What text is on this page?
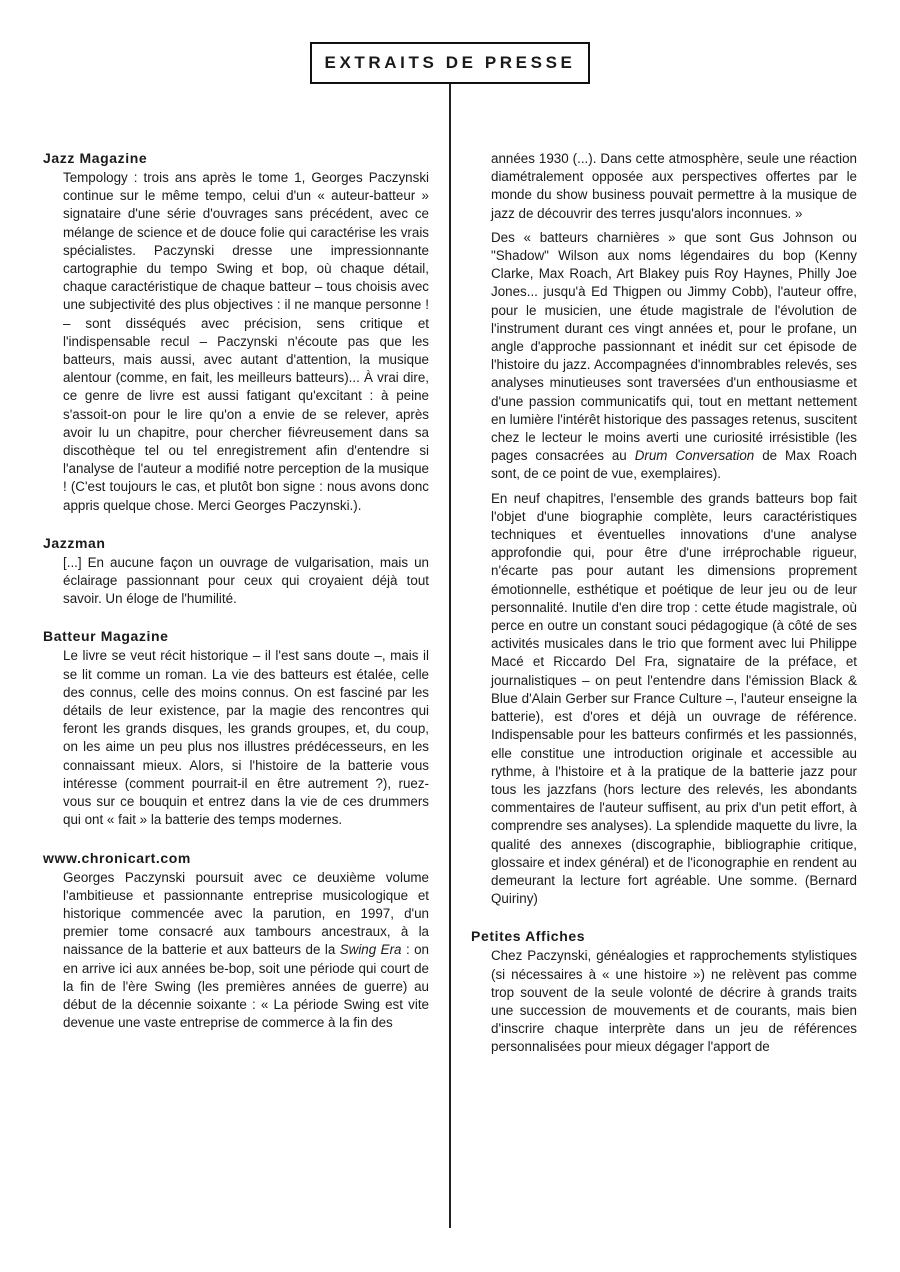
EXTRAITS DE PRESSE
Jazz Magazine

Tempology : trois ans après le tome 1, Georges Paczynski continue sur le même tempo, celui d'un « auteur-batteur » signataire d'une série d'ouvrages sans précédent, avec ce mélange de science et de douce folie qui caractérise les vrais spécialistes. Paczynski dresse une impressionnante cartographie du tempo Swing et bop, où chaque détail, chaque caractéristique de chaque batteur – tous choisis avec une subjectivité des plus objectives : il ne manque personne ! – sont disséqués avec précision, sens critique et l'indispensable recul – Paczynski n'écoute pas que les batteurs, mais aussi, avec autant d'attention, la musique alentour (comme, en fait, les meilleurs batteurs)... À vrai dire, ce genre de livre est aussi fatigant qu'excitant : à peine s'assoit-on pour le lire qu'on a envie de se relever, après avoir lu un chapitre, pour chercher fiévreusement dans sa discothèque tel ou tel enregistrement afin d'entendre si l'analyse de l'auteur a modifié notre perception de la musique ! (C'est toujours le cas, et plutôt bon signe : nous avons donc appris quelque chose. Merci Georges Paczynski.).

Jazzman

[...] En aucune façon un ouvrage de vulgarisation, mais un éclairage passionnant pour ceux qui croyaient déjà tout savoir. Un éloge de l'humilité.

Batteur Magazine

Le livre se veut récit historique – il l'est sans doute –, mais il se lit comme un roman. La vie des batteurs est étalée, celle des connus, celle des moins connus. On est fasciné par les détails de leur existence, par la magie des rencontres qui feront les grands disques, les grands groupes, et, du coup, on les aime un peu plus nos illustres prédécesseurs, en les connaissant mieux. Alors, si l'histoire de la batterie vous intéresse (comment pourrait-il en être autrement ?), ruez-vous sur ce bouquin et entrez dans la vie de ces drummers qui ont « fait » la batterie des temps modernes.

www.chronicart.com

Georges Paczynski poursuit avec ce deuxième volume l'ambitieuse et passionnante entreprise musicologique et historique commencée avec la parution, en 1997, d'un premier tome consacré aux tambours ancestraux, à la naissance de la batterie et aux batteurs de la Swing Era : on en arrive ici aux années be-bop, soit une période qui court de la fin de l'ère Swing (les premières années de guerre) au début de la décennie soixante : « La période Swing est vite devenue une vaste entreprise de commerce à la fin des

années 1930 (...). Dans cette atmosphère, seule une réaction diamétralement opposée aux perspectives offertes par le monde du show business pouvait permettre à la musique de jazz de découvrir des terres jusqu'alors inconnues. »

Des « batteurs charnières » que sont Gus Johnson ou "Shadow" Wilson aux noms légendaires du bop (Kenny Clarke, Max Roach, Art Blakey puis Roy Haynes, Philly Joe Jones... jusqu'à Ed Thigpen ou Jimmy Cobb), l'auteur offre, pour le musicien, une étude magistrale de l'évolution de l'instrument durant ces vingt années et, pour le profane, un angle d'approche passionnant et inédit sur cet épisode de l'histoire du jazz. Accompagnées d'innombrables relevés, ses analyses minutieuses sont traversées d'un enthousiasme et d'une passion communicatifs qui, tout en mettant nettement en lumière l'intérêt historique des passages retenus, suscitent chez le lecteur le moins averti une curiosité irrésistible (les pages consacrées au Drum Conversation de Max Roach sont, de ce point de vue, exemplaires).

En neuf chapitres, l'ensemble des grands batteurs bop fait l'objet d'une biographie complète, leurs caractéristiques techniques et éventuelles innovations d'une analyse approfondie qui, pour être d'une irréprochable rigueur, n'écarte pas pour autant les dimensions proprement émotionnelle, esthétique et poétique de leur jeu ou de leur personnalité. Inutile d'en dire trop : cette étude magistrale, où perce en outre un constant souci pédagogique (à côté de ses activités musicales dans le trio que forment avec lui Philippe Macé et Riccardo Del Fra, signataire de la préface, et journalistiques – on peut l'entendre dans l'émission Black & Blue d'Alain Gerber sur France Culture –, l'auteur enseigne la batterie), est d'ores et déjà un ouvrage de référence. Indispensable pour les batteurs confirmés et les passionnés, elle constitue une introduction originale et accessible au rythme, à l'histoire et à la pratique de la batterie jazz pour tous les jazzfans (hors lecture des relevés, les abondants commentaires de l'auteur suffisent, au prix d'un petit effort, à comprendre ses analyses). La splendide maquette du livre, la qualité des annexes (discographie, bibliographie critique, glossaire et index général) et de l'iconographie en rendent au demeurant la lecture fort agréable. Une somme. (Bernard Quiriny)

Petites Affiches

Chez Paczynski, généalogies et rapprochements stylistiques (si nécessaires à « une histoire ») ne relèvent pas comme trop souvent de la seule volonté de décrire à grands traits une succession de mouvements et de courants, mais bien d'inscrire chaque interprète dans un jeu de références personnalisées pour mieux dégager l'apport de
